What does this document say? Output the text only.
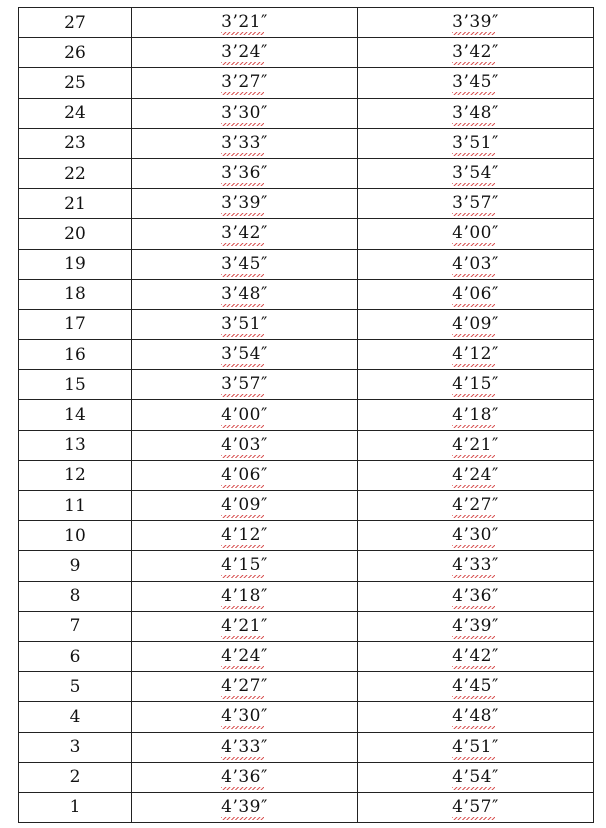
27	3’21″	3’39″
26	3’24″	3’42″
25	3’27″	3’45″
24	3’30″	3’48″
23	3’33″	3’51″
22	3’36″	3’54″
21	3’39″	3’57″
20	3’42″	4’00″
19	3’45″	4’03″
18	3’48″	4’06″
17	3’51″	4’09″
16	3’54″	4’12″
15	3’57″	4’15″
14	4’00″	4’18″
13	4’03″	4’21″
12	4’06″	4’24″
11	4’09″	4’27″
10	4’12″	4’30″
9	4’15″	4’33″
8	4’18″	4’36″
7	4’21″	4’39″
6	4’24″	4’42″
5	4’27″	4’45″
4	4’30″	4’48″
3	4’33″	4’51″
2	4’36″	4’54″
1	4’39″	4’57″
